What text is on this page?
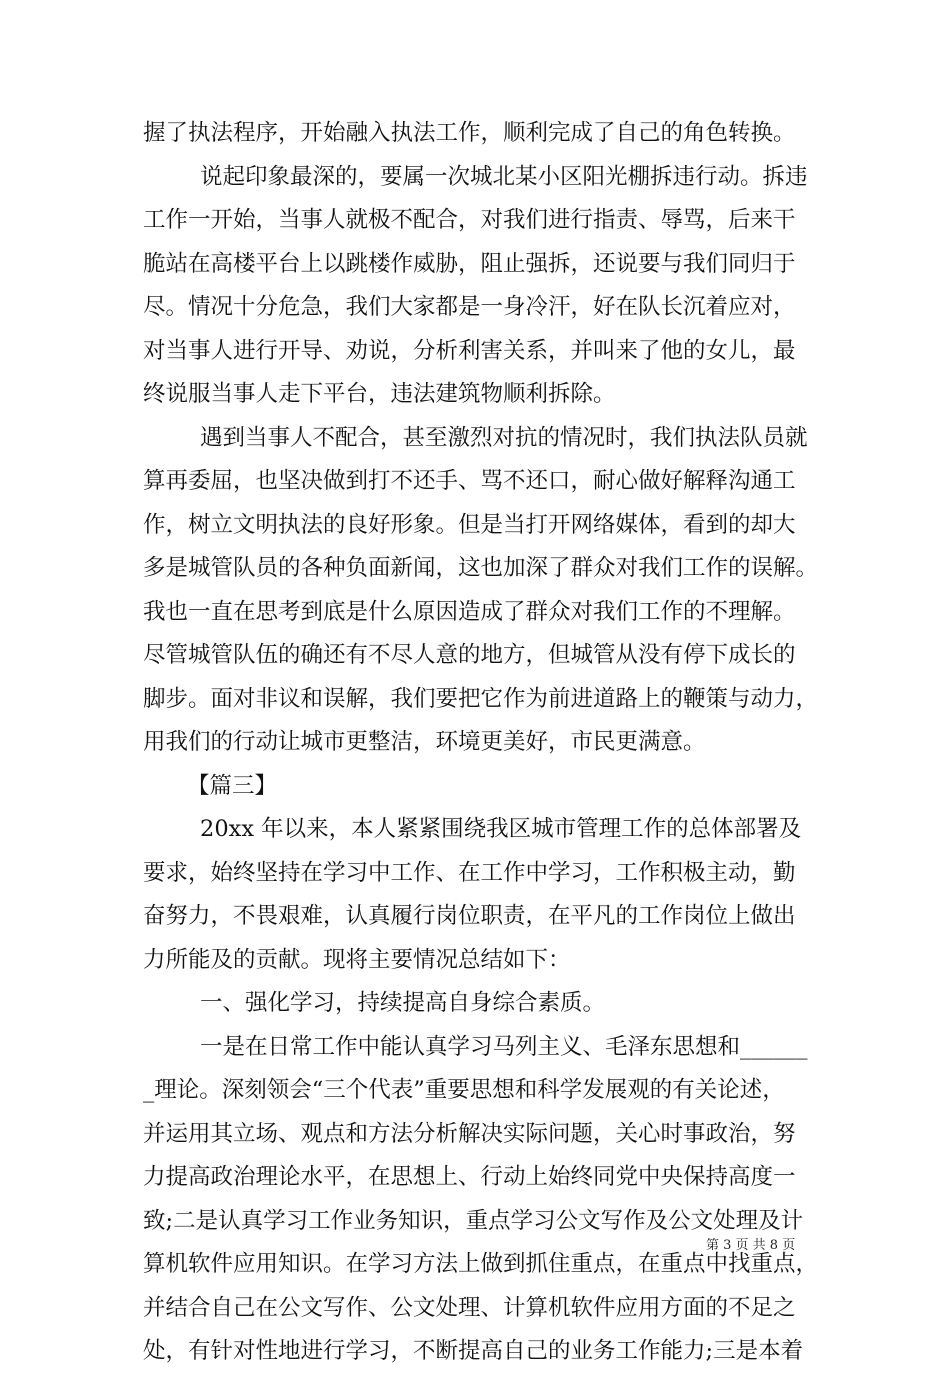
握了执法程序，开始融入执法工作，顺利完成了自己的角色转换。
说起印象最深的，要属一次城北某小区阳光棚拆违行动。拆违
工作一开始，当事人就极不配合，对我们进行指责、辱骂，后来干
脆站在高楼平台上以跳楼作威胁，阻止强拆，还说要与我们同归于
尽。情况十分危急，我们大家都是一身冷汗，好在队长沉着应对，
对当事人进行开导、劝说，分析利害关系，并叫来了他的女儿，最
终说服当事人走下平台，违法建筑物顺利拆除。
遇到当事人不配合，甚至激烈对抗的情况时，我们执法队员就
算再委屈，也坚决做到打不还手、骂不还口，耐心做好解释沟通工
作，树立文明执法的良好形象。但是当打开网络媒体，看到的却大
多是城管队员的各种负面新闻，这也加深了群众对我们工作的误解。
我也一直在思考到底是什么原因造成了群众对我们工作的不理解。
尽管城管队伍的确还有不尽人意的地方，但城管从没有停下成长的
脚步。面对非议和误解，我们要把它作为前进道路上的鞭策与动力，
用我们的行动让城市更整洁，环境更美好，市民更满意。
【篇三】
20xx 年以来，本人紧紧围绕我区城市管理工作的总体部署及
要求，始终坚持在学习中工作、在工作中学习，工作积极主动，勤
奋努力，不畏艰难，认真履行岗位职责，在平凡的工作岗位上做出
力所能及的贡献。现将主要情况总结如下：
一、强化学习，持续提高自身综合素质。
一是在日常工作中能认真学习马列主义、毛泽东思想和______
_理论。深刻领会“三个代表”重要思想和科学发展观的有关论述，
并运用其立场、观点和方法分析解决实际问题，关心时事政治，努
力提高政治理论水平，在思想上、行动上始终同党中央保持高度一
致;二是认真学习工作业务知识，重点学习公文写作及公文处理及计
算机软件应用知识。在学习方法上做到抓住重点，在重点中找重点，
并结合自己在公文写作、公文处理、计算机软件应用方面的不足之
处，有针对性地进行学习，不断提高自己的业务工作能力;三是本着
第 3 页 共 8 页
